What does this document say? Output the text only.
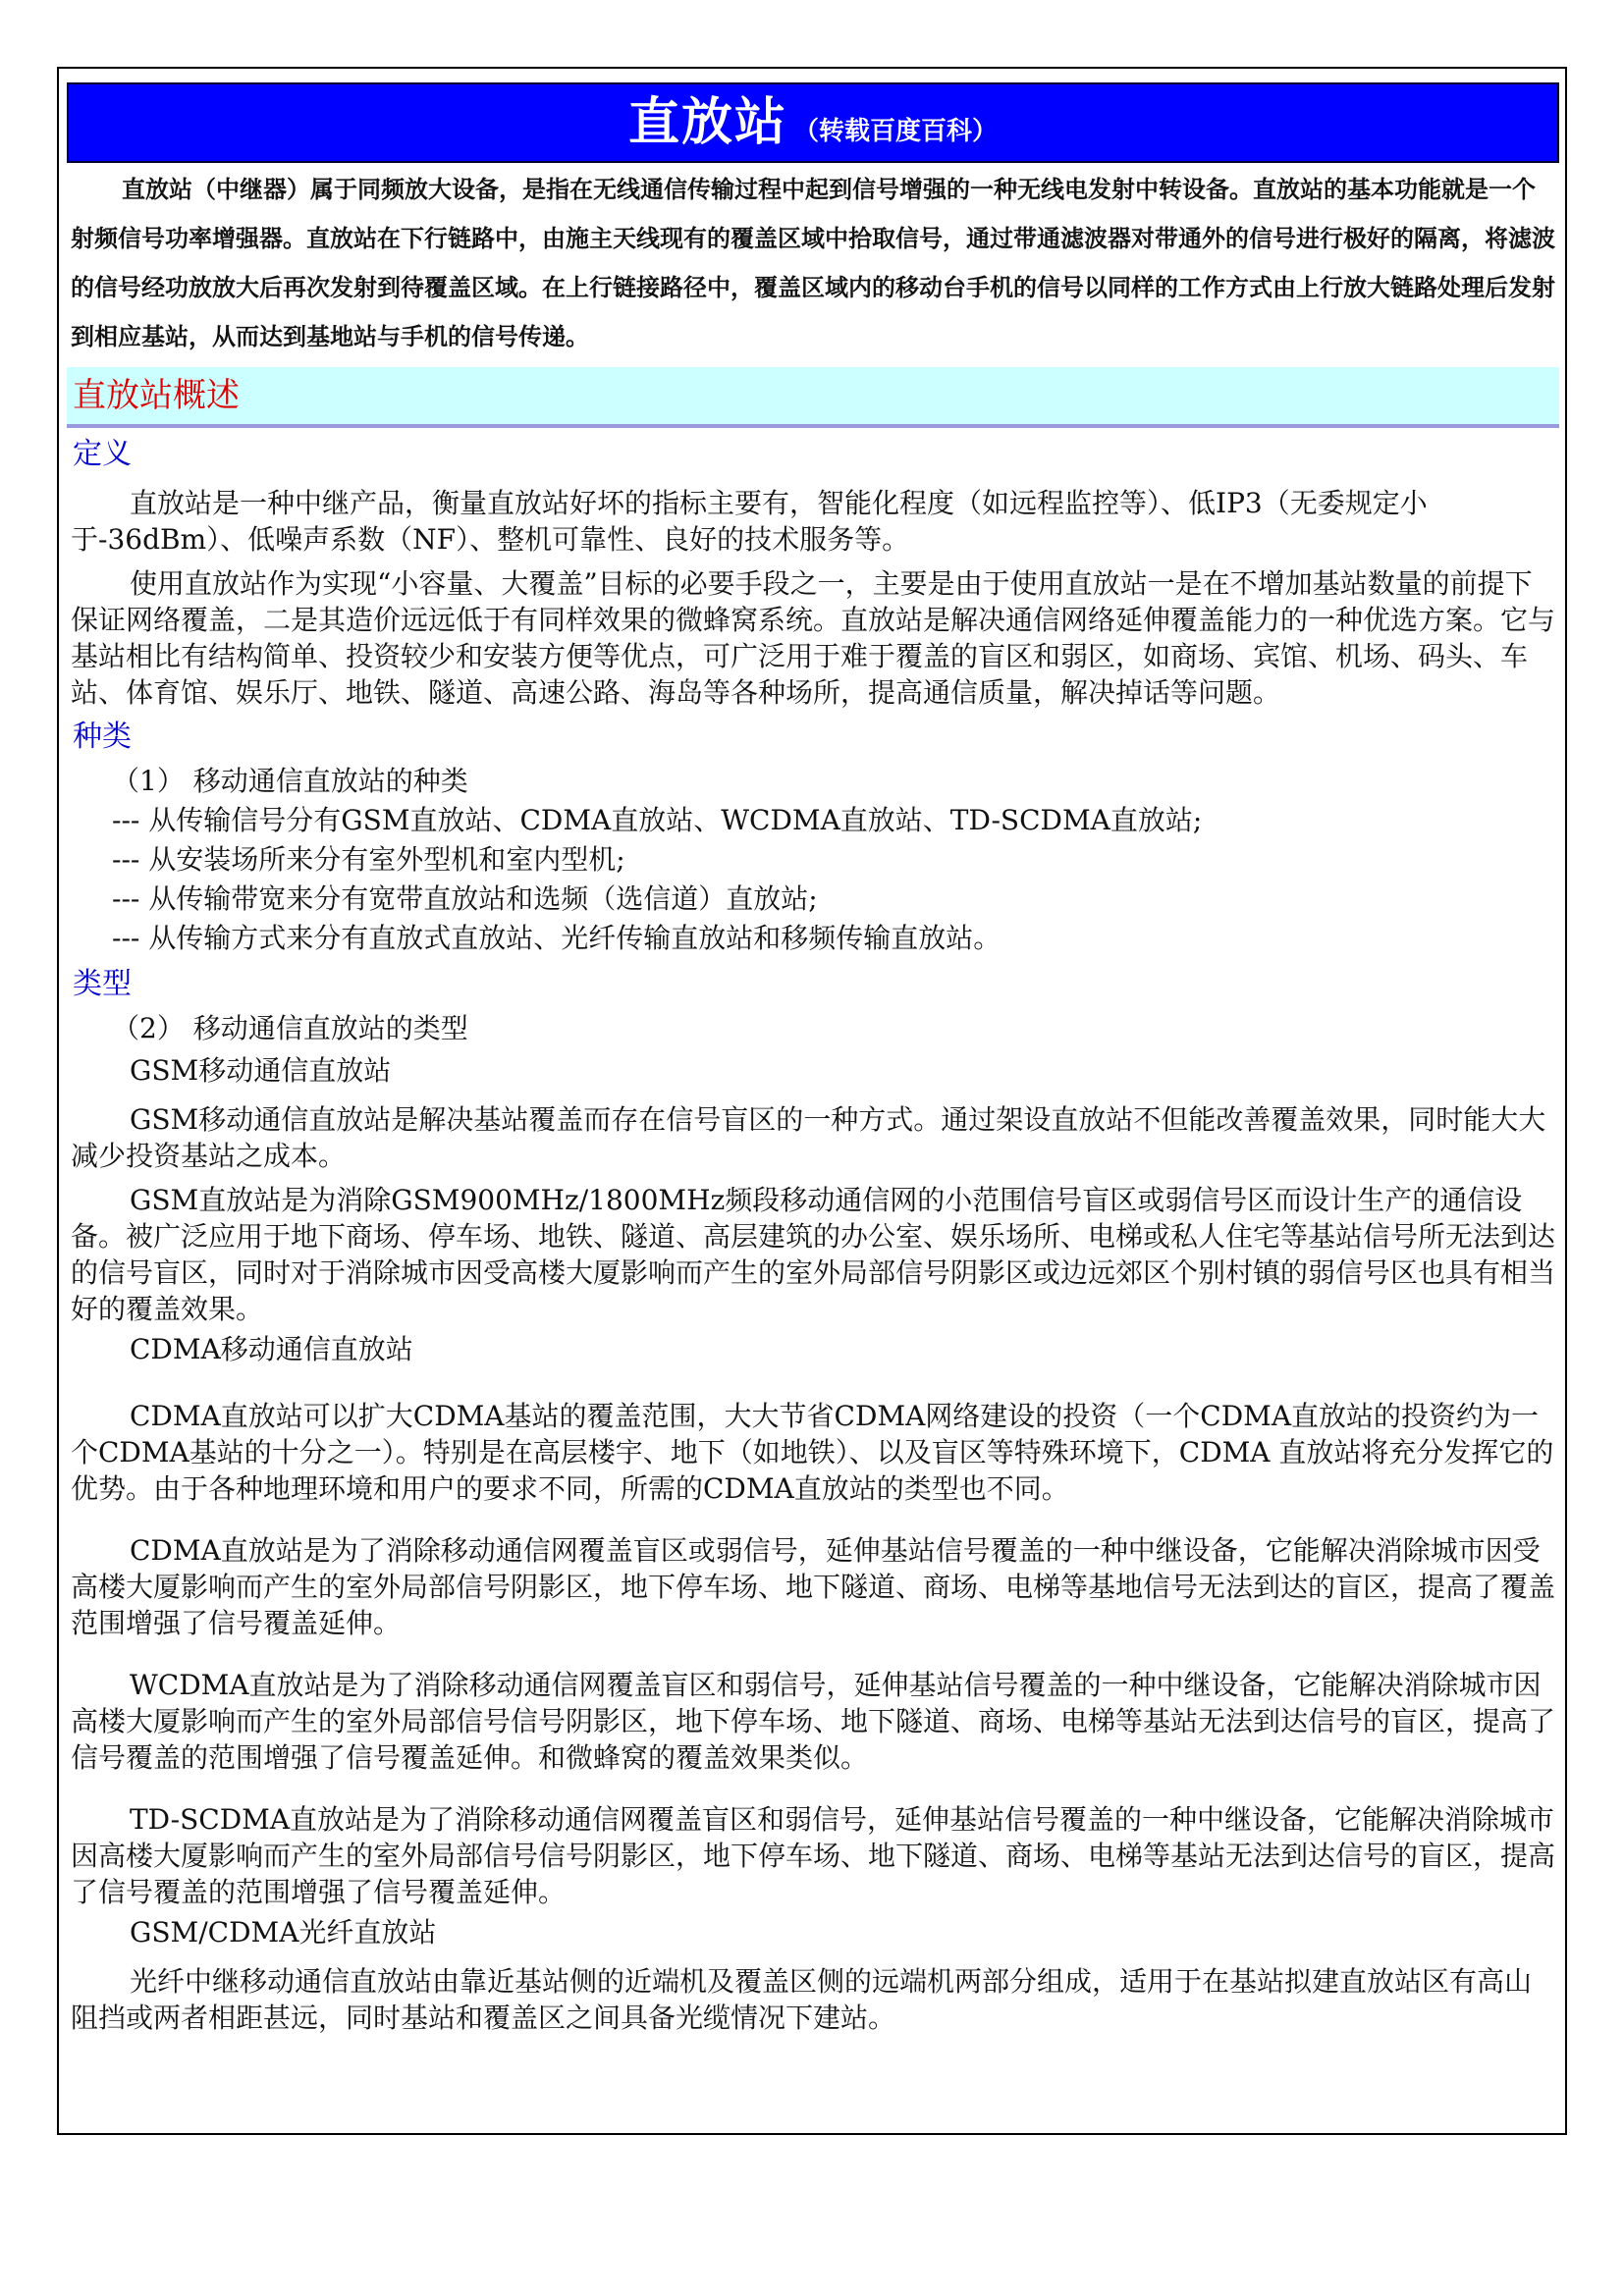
直放站 （转载百度百科）

直放站（中继器）属于同频放大设备，是指在无线通信传输过程中起到信号增强的一种无线电发射中转设备。直放站的基本功能就是一个射频信号功率增强器。直放站在下行链路中，由施主天线现有的覆盖区域中拾取信号，通过带通滤波器对带通外的信号进行极好的隔离，将滤波的信号经功放放大后再次发射到待覆盖区域。在上行链接路径中，覆盖区域内的移动台手机的信号以同样的工作方式由上行放大链路处理后发射到相应基站，从而达到基地站与手机的信号传递。

直放站概述
定义

直放站是一种中继产品，衡量直放站好坏的指标主要有，智能化程度（如远程监控等）、低IP3（无委规定小于-36dBm）、低噪声系数（NF）、整机可靠性、良好的技术服务等。

使用直放站作为实现“小容量、大覆盖”目标的必要手段之一，主要是由于使用直放站一是在不增加基站数量的前提下保证网络覆盖，二是其造价远远低于有同样效果的微蜂窝系统。直放站是解决通信网络延伸覆盖能力的一种优选方案。它与基站相比有结构简单、投资较少和安装方便等优点，可广泛用于难于覆盖的盲区和弱区，如商场、宾馆、机场、码头、车站、体育馆、娱乐厅、地铁、隧道、高速公路、海岛等各种场所，提高通信质量，解决掉话等问题。

种类

（1） 移动通信直放站的种类

--- 从传输信号分有GSM直放站、CDMA直放站、WCDMA直放站、TD-SCDMA直放站;

--- 从安装场所来分有室外型机和室内型机;

--- 从传输带宽来分有宽带直放站和选频（选信道）直放站;

--- 从传输方式来分有直放式直放站、光纤传输直放站和移频传输直放站。

类型

（2） 移动通信直放站的类型

GSM移动通信直放站

GSM移动通信直放站是解决基站覆盖而存在信号盲区的一种方式。通过架设直放站不但能改善覆盖效果，同时能大大减少投资基站之成本。

GSM直放站是为消除GSM900MHz/1800MHz频段移动通信网的小范围信号盲区或弱信号区而设计生产的通信设备。被广泛应用于地下商场、停车场、地铁、隧道、高层建筑的办公室、娱乐场所、电梯或私人住宅等基站信号所无法到达的信号盲区，同时对于消除城市因受高楼大厦影响而产生的室外局部信号阴影区或边远郊区个别村镇的弱信号区也具有相当好的覆盖效果。

CDMA移动通信直放站

CDMA直放站可以扩大CDMA基站的覆盖范围，大大节省CDMA网络建设的投资（一个CDMA直放站的投资约为一个CDMA基站的十分之一）。特别是在高层楼宇、地下（如地铁）、以及盲区等特殊环境下，CDMA 直放站将充分发挥它的优势。由于各种地理环境和用户的要求不同，所需的CDMA直放站的类型也不同。

CDMA直放站是为了消除移动通信网覆盖盲区或弱信号，延伸基站信号覆盖的一种中继设备，它能解决消除城市因受高楼大厦影响而产生的室外局部信号阴影区，地下停车场、地下隧道、商场、电梯等基地信号无法到达的盲区，提高了覆盖范围增强了信号覆盖延伸。

WCDMA直放站是为了消除移动通信网覆盖盲区和弱信号，延伸基站信号覆盖的一种中继设备，它能解决消除城市因高楼大厦影响而产生的室外局部信号信号阴影区，地下停车场、地下隧道、商场、电梯等基站无法到达信号的盲区，提高了信号覆盖的范围增强了信号覆盖延伸。和微蜂窝的覆盖效果类似。

TD-SCDMA直放站是为了消除移动通信网覆盖盲区和弱信号，延伸基站信号覆盖的一种中继设备，它能解决消除城市因高楼大厦影响而产生的室外局部信号信号阴影区，地下停车场、地下隧道、商场、电梯等基站无法到达信号的盲区，提高了信号覆盖的范围增强了信号覆盖延伸。

GSM/CDMA光纤直放站

光纤中继移动通信直放站由靠近基站侧的近端机及覆盖区侧的远端机两部分组成，适用于在基站拟建直放站区有高山阻挡或两者相距甚远，同时基站和覆盖区之间具备光缆情况下建站。
